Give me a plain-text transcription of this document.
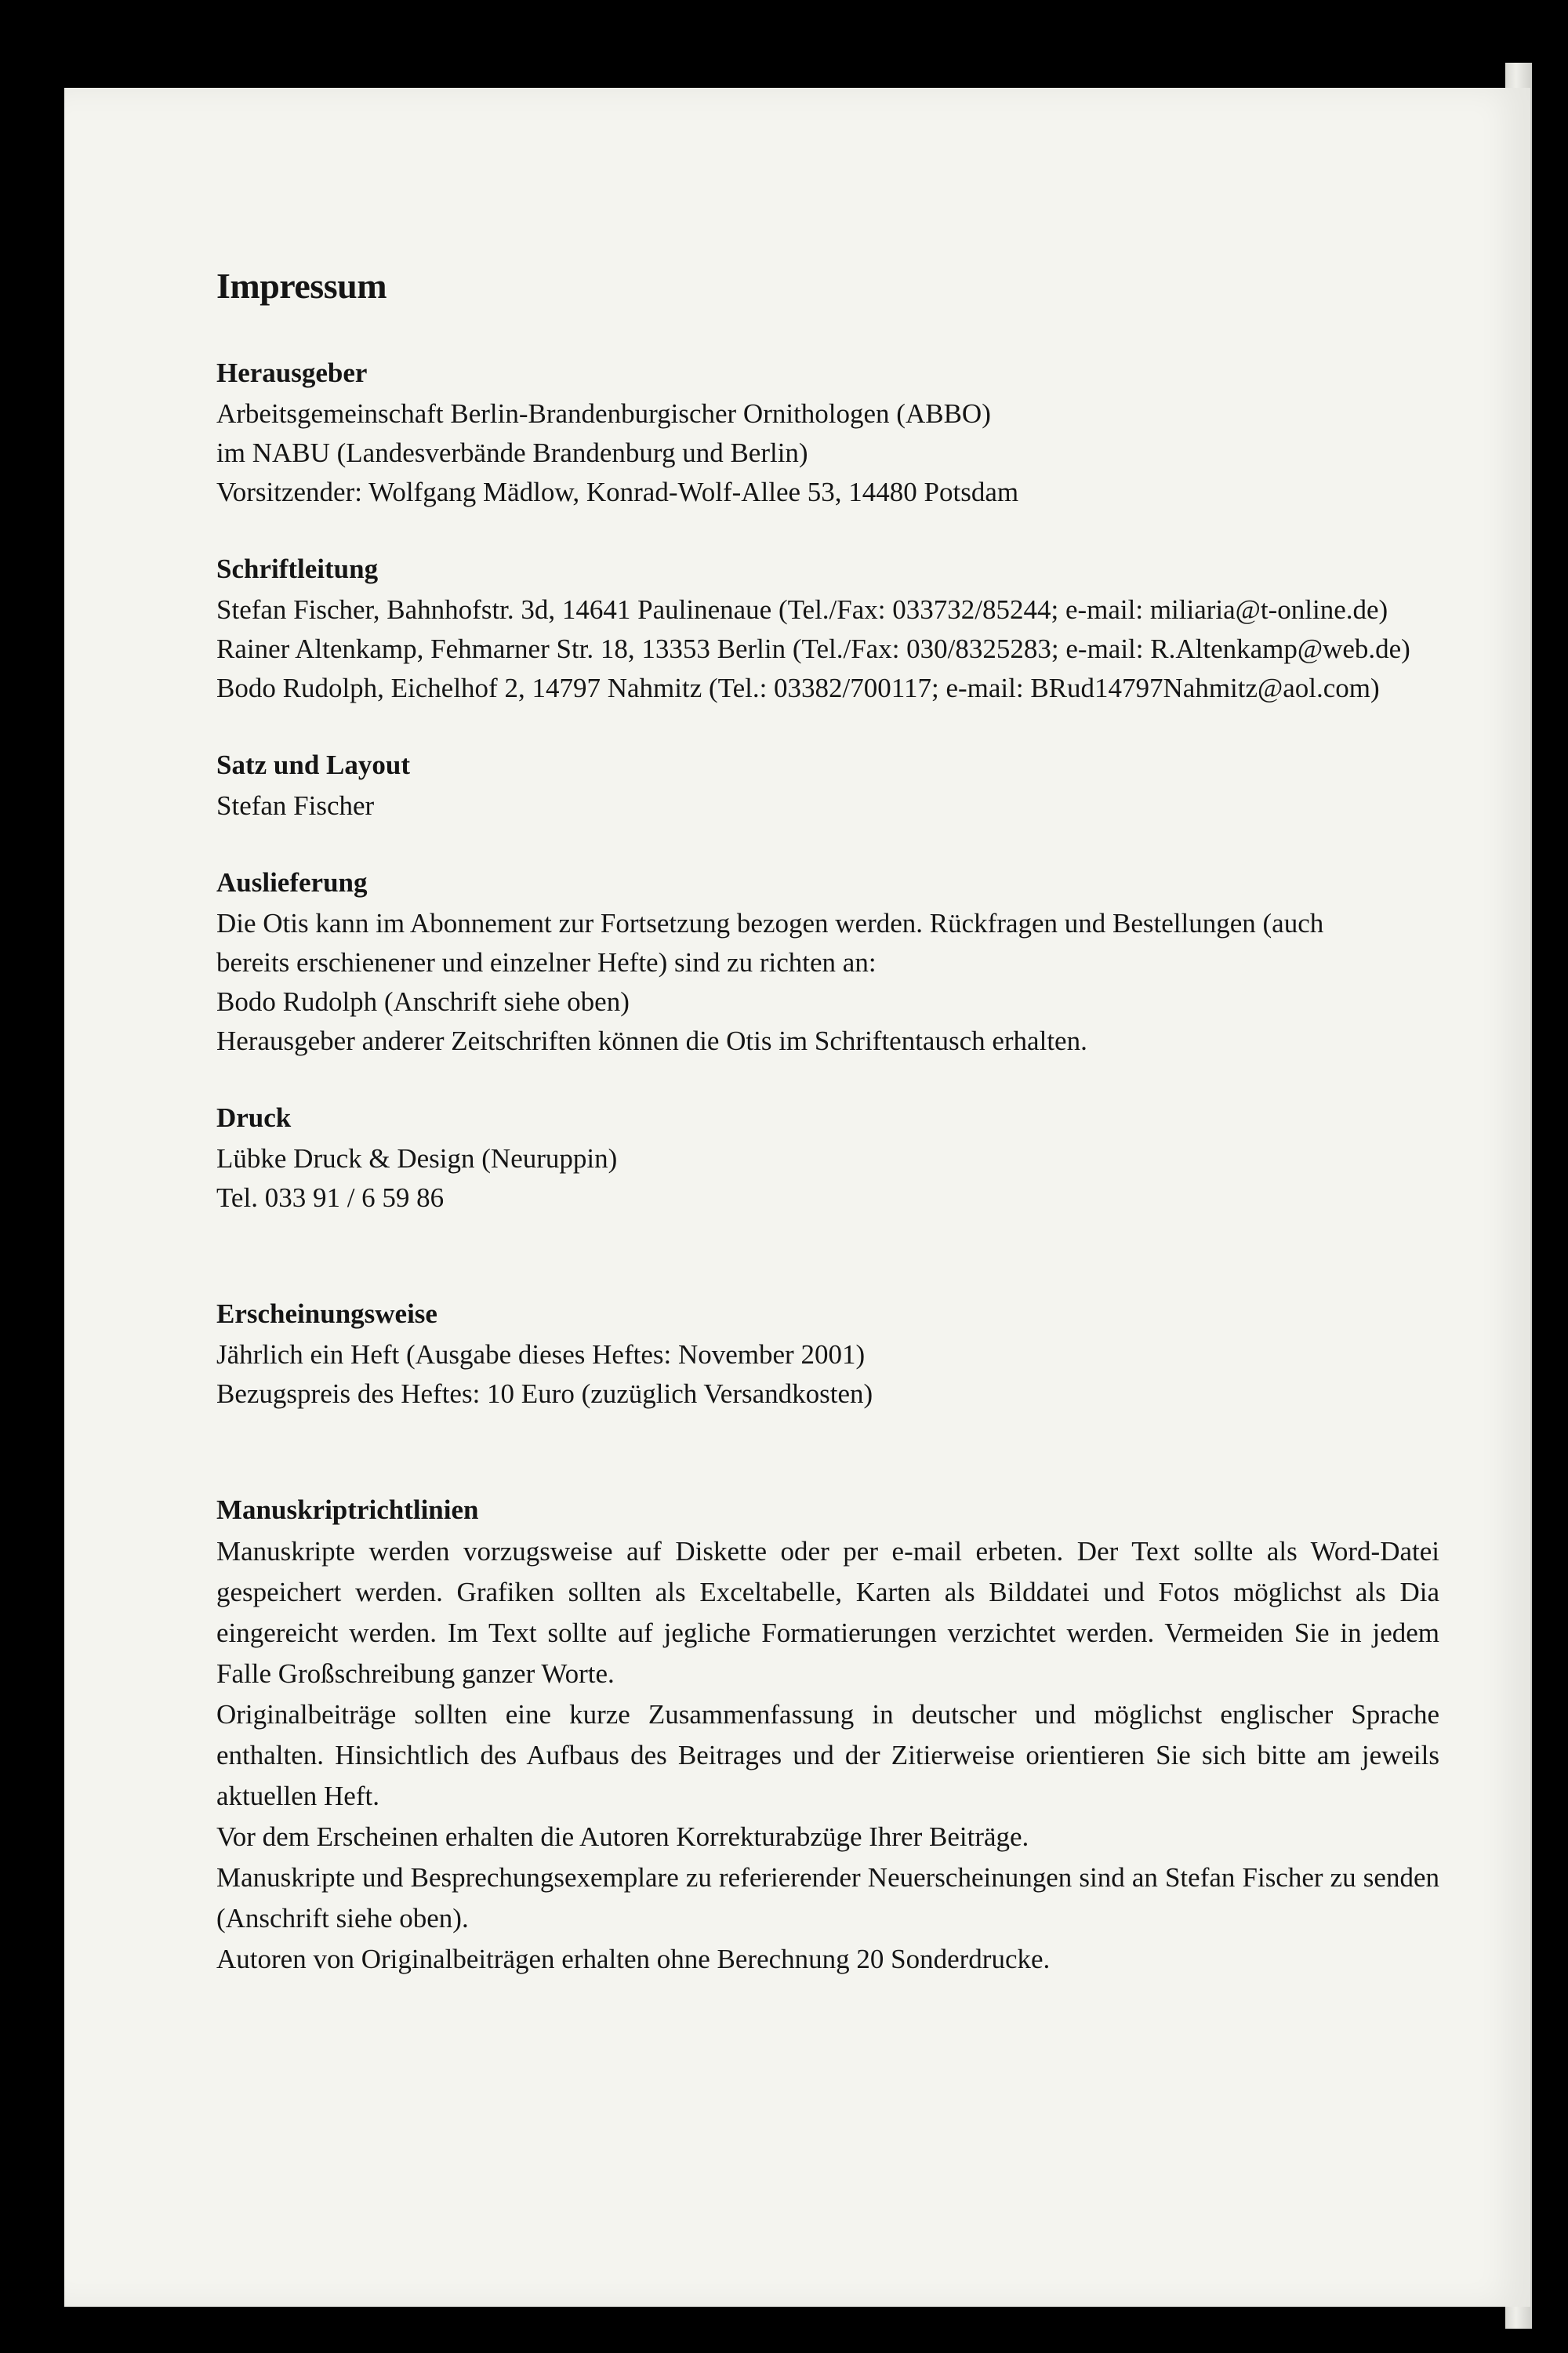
Impressum
Herausgeber

Arbeitsgemeinschaft Berlin-Brandenburgischer Ornithologen (ABBO)

im NABU (Landesverbände Brandenburg und Berlin)

Vorsitzender: Wolfgang Mädlow, Konrad-Wolf-Allee 53, 14480 Potsdam

Schriftleitung

Stefan Fischer, Bahnhofstr. 3d, 14641 Paulinenaue (Tel./Fax: 033732/85244; e-mail: miliaria@t-online.de)

Rainer Altenkamp, Fehmarner Str. 18, 13353 Berlin (Tel./Fax: 030/8325283; e-mail: R.Altenkamp@web.de)

Bodo Rudolph, Eichelhof 2, 14797 Nahmitz (Tel.: 03382/700117; e-mail: BRud14797Nahmitz@aol.com)

Satz und Layout

Stefan Fischer

Auslieferung

Die Otis kann im Abonnement zur Fortsetzung bezogen werden. Rückfragen und Bestellungen (auch

bereits erschienener und einzelner Hefte) sind zu richten an:

Bodo Rudolph (Anschrift siehe oben)

Herausgeber anderer Zeitschriften können die Otis im Schriftentausch erhalten.

Druck

Lübke Druck & Design (Neuruppin)

Tel. 033 91 / 6 59 86

Erscheinungsweise

Jährlich ein Heft (Ausgabe dieses Heftes: November 2001)

Bezugspreis des Heftes: 10 Euro (zuzüglich Versandkosten)

Manuskriptrichtlinien

Manuskripte werden vorzugsweise auf Diskette oder per e-mail erbeten. Der Text sollte als Word-Datei gespeichert werden. Grafiken sollten als Exceltabelle, Karten als Bilddatei und Fotos möglichst als Dia eingereicht werden. Im Text sollte auf jegliche Formatierungen verzichtet werden. Vermeiden Sie in jedem Falle Großschreibung ganzer Worte.

Originalbeiträge sollten eine kurze Zusammenfassung in deutscher und möglichst englischer Sprache enthalten. Hinsichtlich des Aufbaus des Beitrages und der Zitierweise orientieren Sie sich bitte am jeweils aktuellen Heft.

Vor dem Erscheinen erhalten die Autoren Korrekturabzüge Ihrer Beiträge.

Manuskripte und Besprechungsexemplare zu referierender Neuerscheinungen sind an Stefan Fischer zu senden (Anschrift siehe oben).

Autoren von Originalbeiträgen erhalten ohne Berechnung 20 Sonderdrucke.
